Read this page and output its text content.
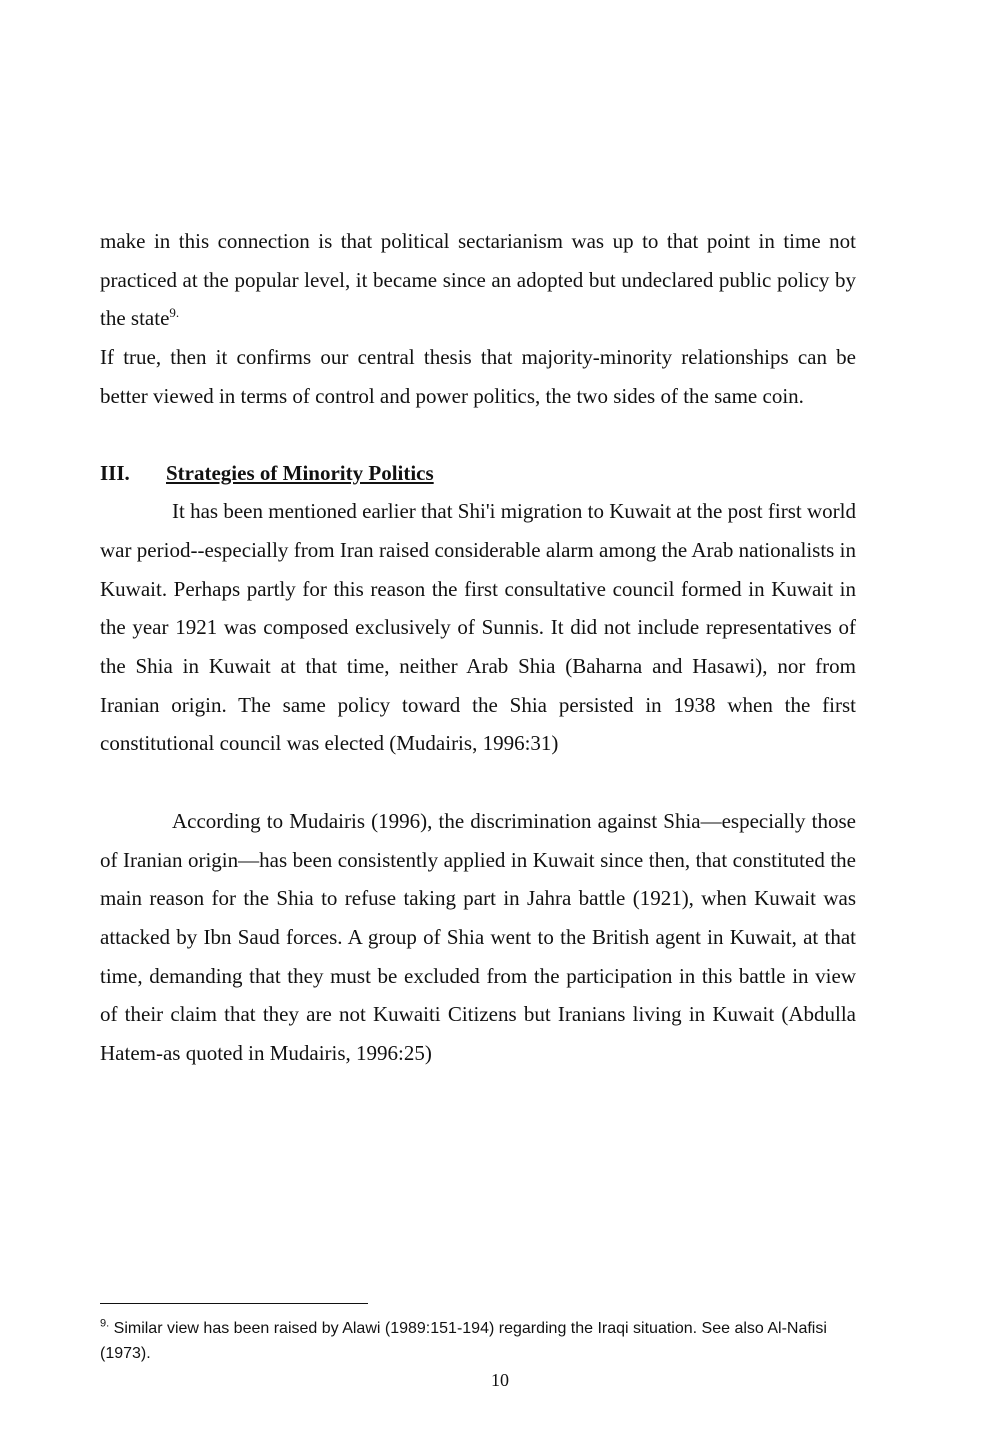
make in this connection is that political sectarianism was up to that point in time not practiced at the popular level, it became since an adopted but undeclared public policy by the state$^{9.}$

If true, then it confirms our central thesis that majority-minority relationships can be better viewed in terms of control and power politics, the two sides of the same coin.

III. Strategies of Minority Politics

It has been mentioned earlier that Shi'i migration to Kuwait at the post first world war period--especially from Iran raised considerable alarm among the Arab nationalists in Kuwait. Perhaps partly for this reason the first consultative council formed in Kuwait in the year 1921 was composed exclusively of Sunnis. It did not include representatives of the Shia in Kuwait at that time, neither Arab Shia (Baharna and Hasawi), nor from Iranian origin. The same policy toward the Shia persisted in 1938 when the first constitutional council was elected (Mudairis, 1996:31)

According to Mudairis (1996), the discrimination against Shia—especially those of Iranian origin—has been consistently applied in Kuwait since then, that constituted the main reason for the Shia to refuse taking part in Jahra battle (1921), when Kuwait was attacked by Ibn Saud forces. A group of Shia went to the British agent in Kuwait, at that time, demanding that they must be excluded from the participation in this battle in view of their claim that they are not Kuwaiti Citizens but Iranians living in Kuwait (Abdulla Hatem-as quoted in Mudairis, 1996:25)

$^{9.}$ Similar view has been raised by Alawi (1989:151-194) regarding the Iraqi situation. See also Al-Nafisi (1973).
10
